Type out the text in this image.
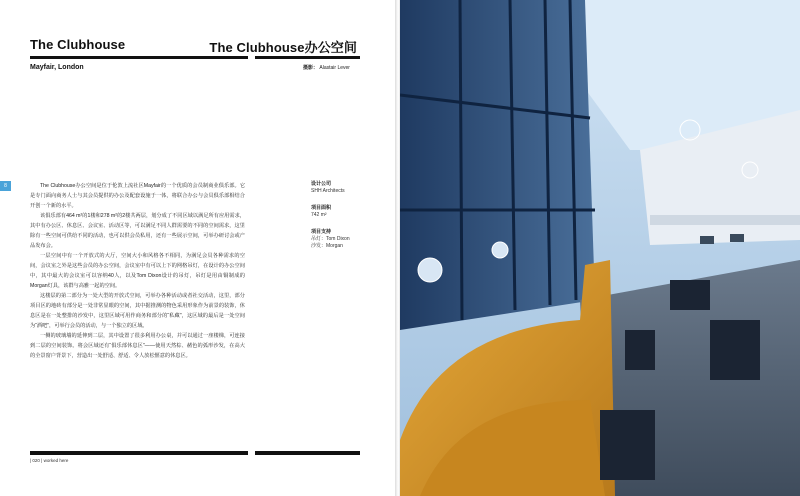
The Clubhouse	The Clubhouse办公空间
Mayfair, London	摄影： Alastair Lever
8	The Clubhouse办公空间是位于伦敦上流社区Mayfair的一个优质的会员制商业俱乐部。它是专门面向商务人士与其会员提供的办公及配套设施于一体，将联合办公与会员俱乐部相结合开创一个新的水平。

该俱乐部有464 m²的1楼和278 m²的2楼共两层，划分成了不同区域以满足所有应用需求，其中有办公区、休息区、会议室、活动区等，可以满足不同人群需要的不同的空间需求，这里除有一些空间可供给不同的活动，也可以供会员私用，还有一些展示空间，可举办研讨会或产品发布会。

一层空间中有一个开放式的大厅，空间大小和风格各不相同，为满足会员各种需求的空间，会议室之外是这些会员的办公空间，会议室中有可以上下的网格吊灯，在设计的办公空间中，其中最大的会议室可以容纳40人，以及Tom Dixon设计的吊灯，吊灯是用由铜制成的Morgan灯具，该群与高雅一起的空间。

这楼层的第二部分为一处大型的开放式空间，可举办各种活动或者社交活动，这里，部分项目区的地砖有部分是一处非常显眼的空间，其中据推测的物色采用形象作为前景的装饰，休息区是在一处整排的沙发中，这里区域可用作商务和部分的“私藏”，这区域的最后是一处空间为“酒吧”，可举行会员的活动，与一个独立的区域。

一侧的玻璃墙的延伸到二层，其中设置了很多利用办公桌，并可以通过一座楼梯，可连接到二层的空间装饰。将会区域还有“俱乐部休息区”——使用天然棕、赭色的弧形沙发，在高大的全景窗户背景下，营造出一处舒适、舒适、令人放松惬意的休息区。

设计公司
SHH Architects
项目面积
742 m²
项目支持
吊灯：Tom Dixon
沙发：Morgan
| 020 | worked here
